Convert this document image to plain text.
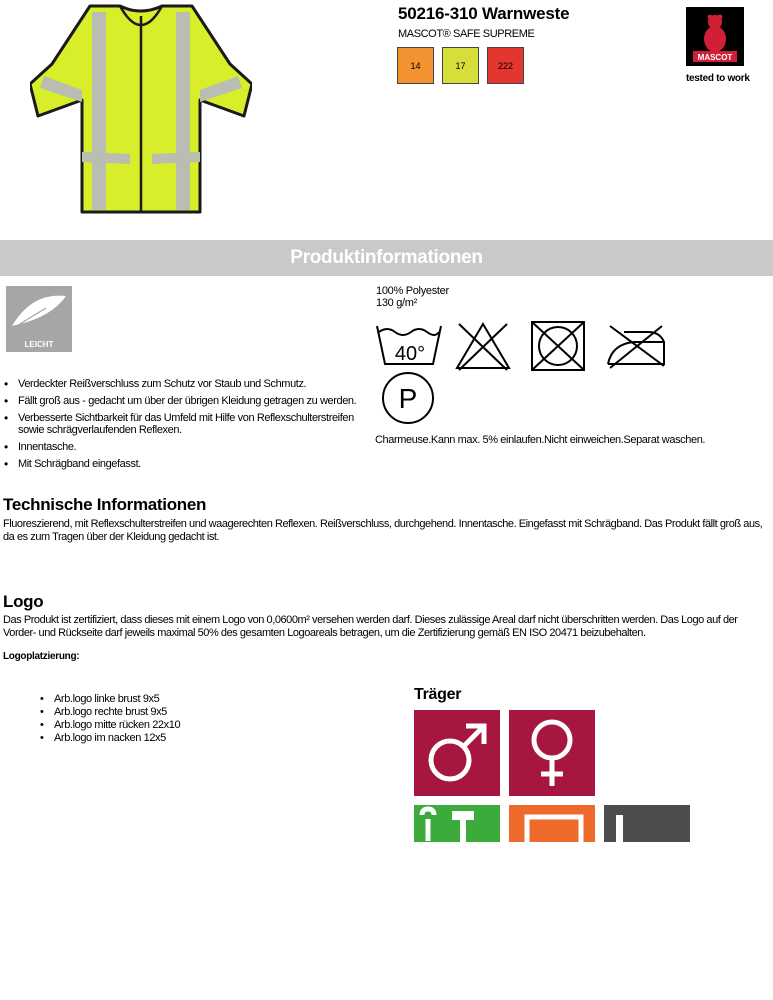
50216-310 Warnweste
MASCOT® SAFE SUPREME
14	17	222
MASCOT
tested to work
Produktinformationen
LEICHT
100% Polyester
130 g/m²
40°
P
Charmeuse.Kann max. 5% einlaufen.Nicht einweichen.Separat waschen.
• Verdeckter Reißverschluss zum Schutz vor Staub und Schmutz.
• Fällt groß aus - gedacht um über der übrigen Kleidung getragen zu werden.
• Verbesserte Sichtbarkeit für das Umfeld mit Hilfe von Reflexschulterstreifen sowie schrägverlaufenden Reflexen.
• Innentasche.
• Mit Schrägband eingefasst.
Technische Informationen
Fluoreszierend, mit Reflexschulterstreifen und waagerechten Reflexen. Reißverschluss, durchgehend. Innentasche. Eingefasst mit Schrägband. Das Produkt fällt groß aus, da es zum Tragen über der Kleidung gedacht ist.
Logo
Das Produkt ist zertifiziert, dass dieses mit einem Logo von 0,0600m² versehen werden darf. Dieses zulässige Areal darf nicht überschritten werden. Das Logo auf der Vorder- und Rückseite darf jeweils maximal 50% des gesamten Logoareals betragen, um die Zertifizierung gemäß EN ISO 20471 beizubehalten.
Logoplatzierung:
• Arb.logo linke brust 9x5
• Arb.logo rechte brust 9x5
• Arb.logo mitte rücken 22x10
• Arb.logo im nacken 12x5
Träger
